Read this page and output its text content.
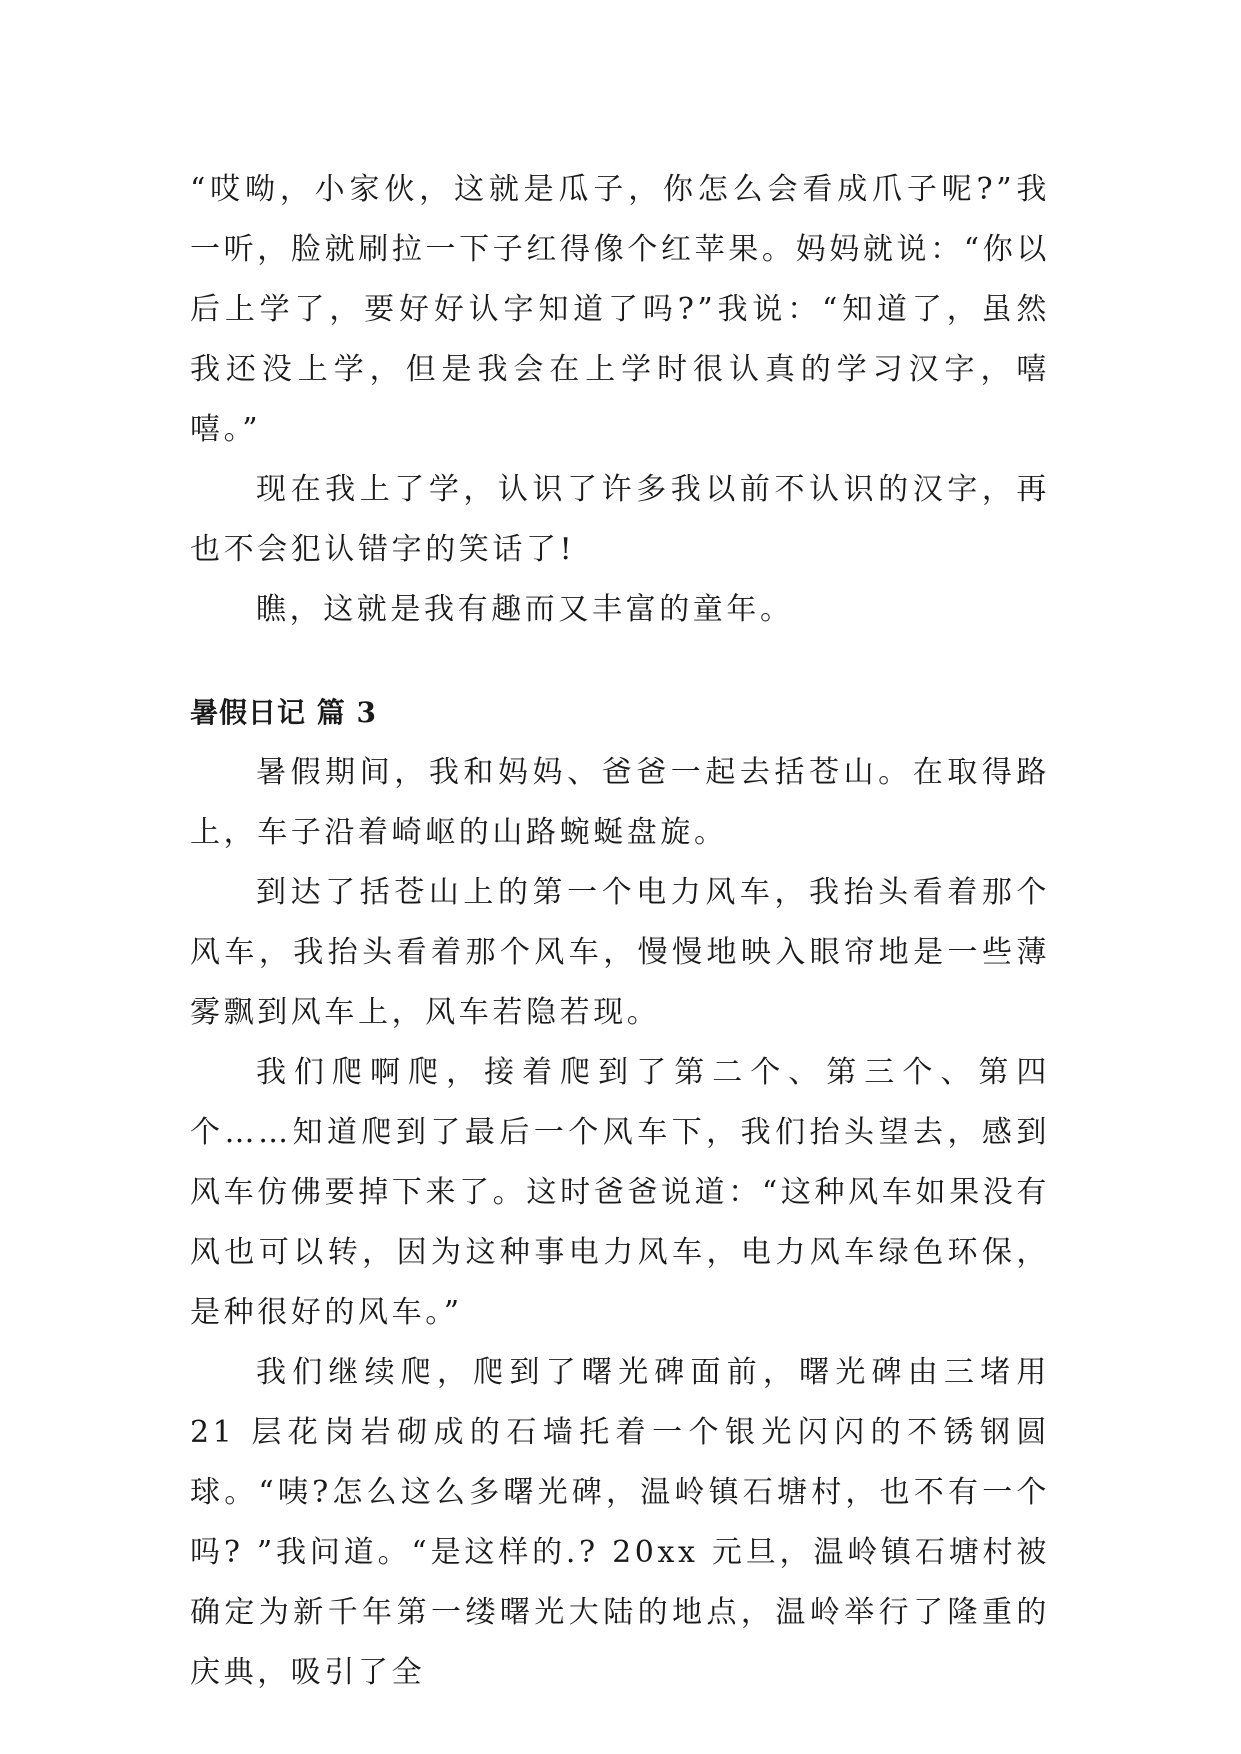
“哎呦，小家伙，这就是瓜子，你怎么会看成爪子呢?”我一听，脸就刷拉一下子红得像个红苹果。妈妈就说：“你以后上学了，要好好认字知道了吗?”我说：“知道了，虽然我还没上学，但是我会在上学时很认真的学习汉字，嘻嘻。”

现在我上了学，认识了许多我以前不认识的汉字，再也不会犯认错字的笑话了!

瞧，这就是我有趣而又丰富的童年。

暑假日记 篇 3

暑假期间，我和妈妈、爸爸一起去括苍山。在取得路上，车子沿着崎岖的山路蜿蜒盘旋。

到达了括苍山上的第一个电力风车，我抬头看着那个风车，我抬头看着那个风车，慢慢地映入眼帘地是一些薄雾飘到风车上，风车若隐若现。

我们爬啊爬，接着爬到了第二个、第三个、第四个……知道爬到了最后一个风车下，我们抬头望去，感到风车仿佛要掉下来了。这时爸爸说道：“这种风车如果没有风也可以转，因为这种事电力风车，电力风车绿色环保，是种很好的风车。”

我们继续爬，爬到了曙光碑面前，曙光碑由三堵用 21 层花岗岩砌成的石墙托着一个银光闪闪的不锈钢圆球。“咦?怎么这么多曙光碑，温岭镇石塘村，也不有一个吗? ”我问道。“是这样的.? 20xx 元旦，温岭镇石塘村被确定为新千年第一缕曙光大陆的地点，温岭举行了隆重的庆典，吸引了全
